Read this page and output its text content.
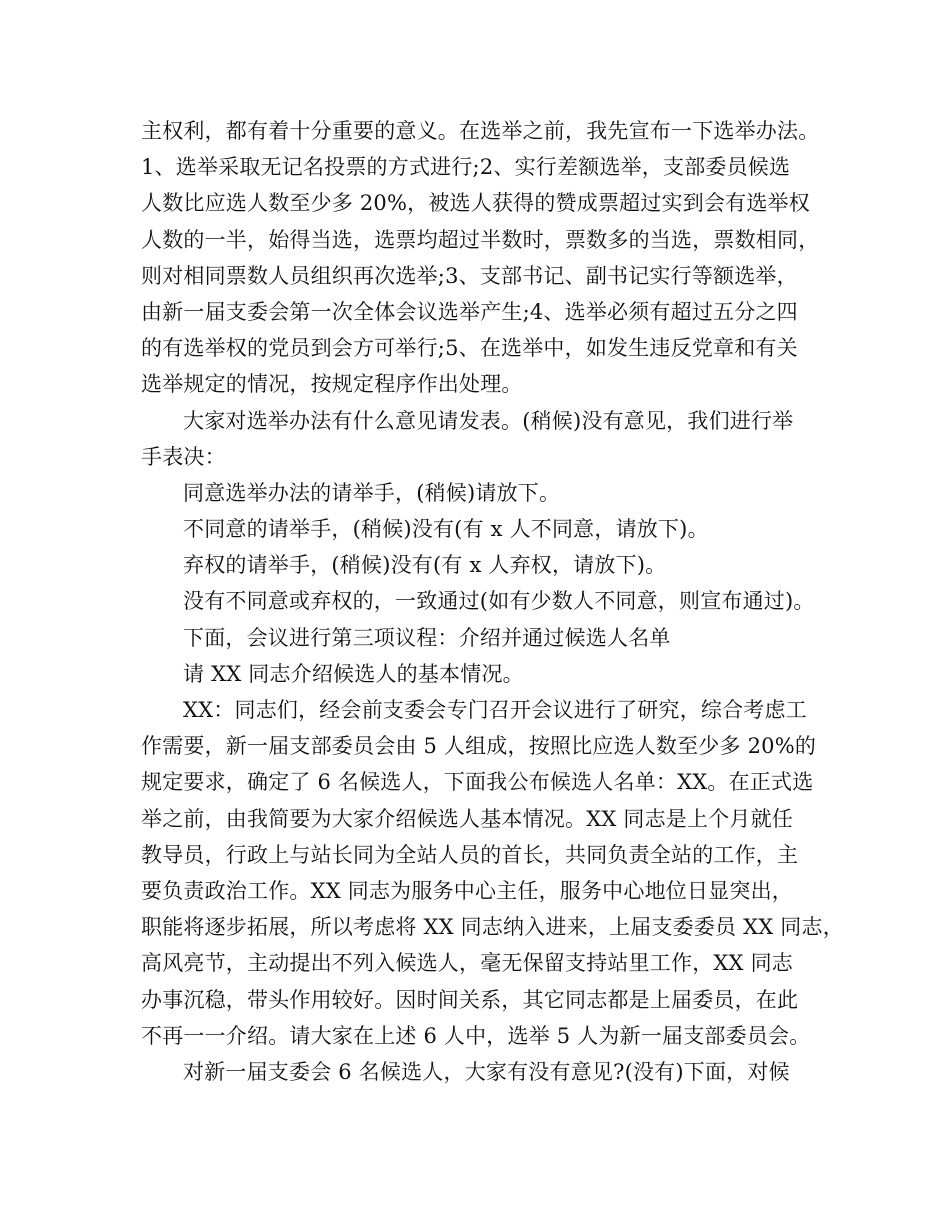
主权利，都有着十分重要的意义。在选举之前，我先宣布一下选举办法。
1、选举采取无记名投票的方式进行;2、实行差额选举，支部委员候选
人数比应选人数至少多 20%，被选人获得的赞成票超过实到会有选举权
人数的一半，始得当选，选票均超过半数时，票数多的当选，票数相同，
则对相同票数人员组织再次选举;3、支部书记、副书记实行等额选举，
由新一届支委会第一次全体会议选举产生;4、选举必须有超过五分之四
的有选举权的党员到会方可举行;5、在选举中，如发生违反党章和有关
选举规定的情况，按规定程序作出处理。
大家对选举办法有什么意见请发表。(稍候)没有意见，我们进行举
手表决：
同意选举办法的请举手，(稍候)请放下。
不同意的请举手，(稍候)没有(有 x 人不同意，请放下)。
弃权的请举手，(稍候)没有(有 x 人弃权，请放下)。
没有不同意或弃权的，一致通过(如有少数人不同意，则宣布通过)。
下面，会议进行第三项议程：介绍并通过候选人名单
请 XX 同志介绍候选人的基本情况。
XX：同志们，经会前支委会专门召开会议进行了研究，综合考虑工
作需要，新一届支部委员会由 5 人组成，按照比应选人数至少多 20%的
规定要求，确定了 6 名候选人，下面我公布候选人名单：XX。在正式选
举之前，由我简要为大家介绍候选人基本情况。XX 同志是上个月就任
教导员，行政上与站长同为全站人员的首长，共同负责全站的工作，主
要负责政治工作。XX 同志为服务中心主任，服务中心地位日显突出，
职能将逐步拓展，所以考虑将 XX 同志纳入进来，上届支委委员 XX 同志，
高风亮节，主动提出不列入候选人，毫无保留支持站里工作，XX 同志
办事沉稳，带头作用较好。因时间关系，其它同志都是上届委员，在此
不再一一介绍。请大家在上述 6 人中，选举 5 人为新一届支部委员会。
对新一届支委会 6 名候选人，大家有没有意见?(没有)下面，对候
